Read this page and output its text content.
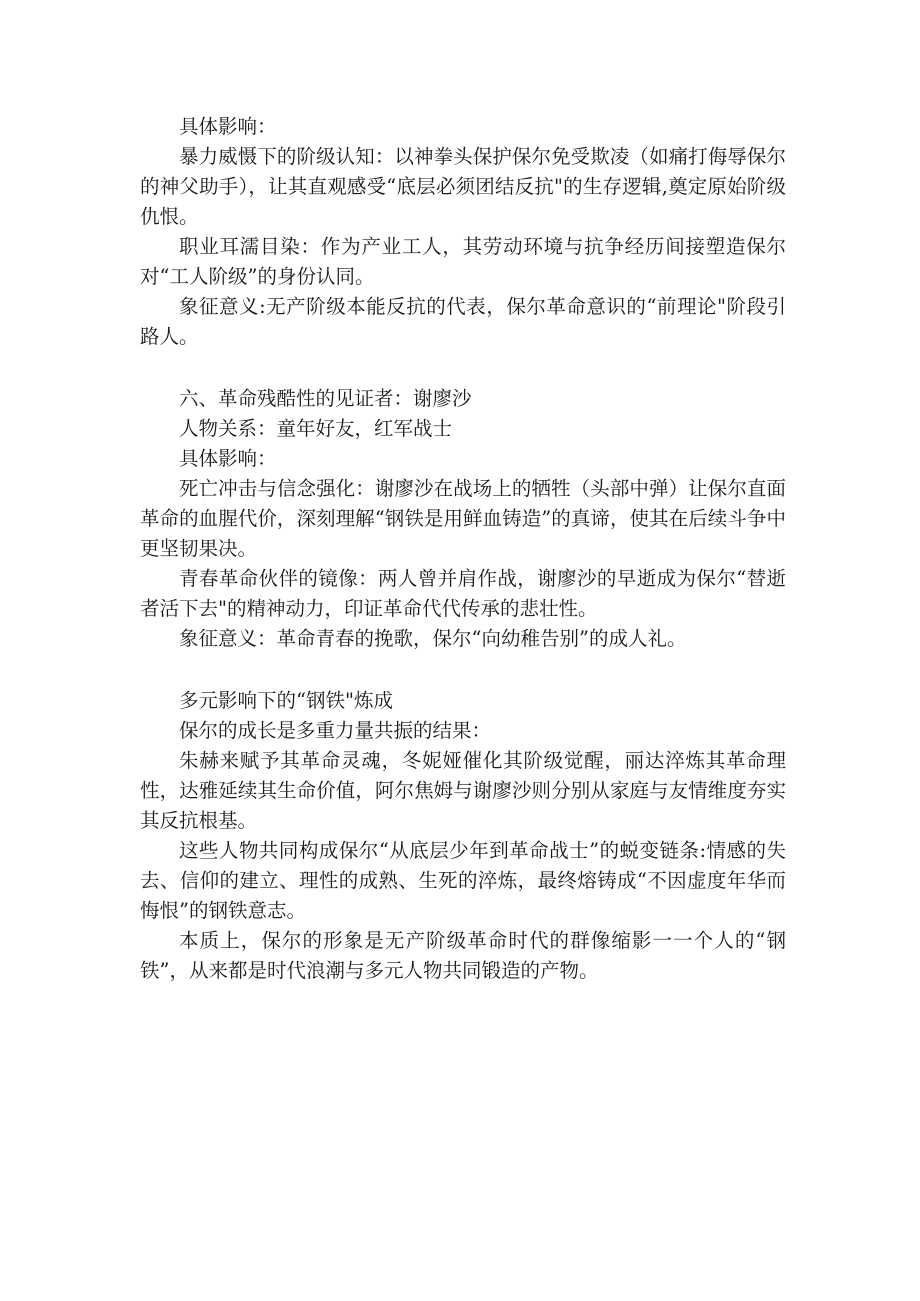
具体影响：

暴力威慑下的阶级认知：以神拳头保护保尔免受欺凌（如痛打侮辱保尔的神父助手），让其直观感受“底层必须团结反抗"的生存逻辑,奠定原始阶级仇恨。

职业耳濡目染：作为产业工人，其劳动环境与抗争经历间接塑造保尔对“工人阶级”的身份认同。

象征意义:无产阶级本能反抗的代表，保尔革命意识的“前理论"阶段引路人。

六、革命残酷性的见证者：谢廖沙

人物关系：童年好友，红军战士

具体影响：

死亡冲击与信念强化：谢廖沙在战场上的牺牲（头部中弹）让保尔直面革命的血腥代价，深刻理解“钢铁是用鲜血铸造”的真谛，使其在后续斗争中更坚韧果决。

青春革命伙伴的镜像：两人曾并肩作战，谢廖沙的早逝成为保尔“替逝者活下去"的精神动力，印证革命代代传承的悲壮性。

象征意义：革命青春的挽歌，保尔“向幼稚告别”的成人礼。

多元影响下的“钢铁"炼成

保尔的成长是多重力量共振的结果：

朱赫来赋予其革命灵魂，冬妮娅催化其阶级觉醒，丽达淬炼其革命理性，达雅延续其生命价值，阿尔焦姆与谢廖沙则分别从家庭与友情维度夯实其反抗根基。

这些人物共同构成保尔“从底层少年到革命战士”的蜕变链条:情感的失去、信仰的建立、理性的成熟、生死的淬炼，最终熔铸成“不因虚度年华而悔恨”的钢铁意志。

本质上，保尔的形象是无产阶级革命时代的群像缩影一一个人的“钢铁”，从来都是时代浪潮与多元人物共同锻造的产物。
